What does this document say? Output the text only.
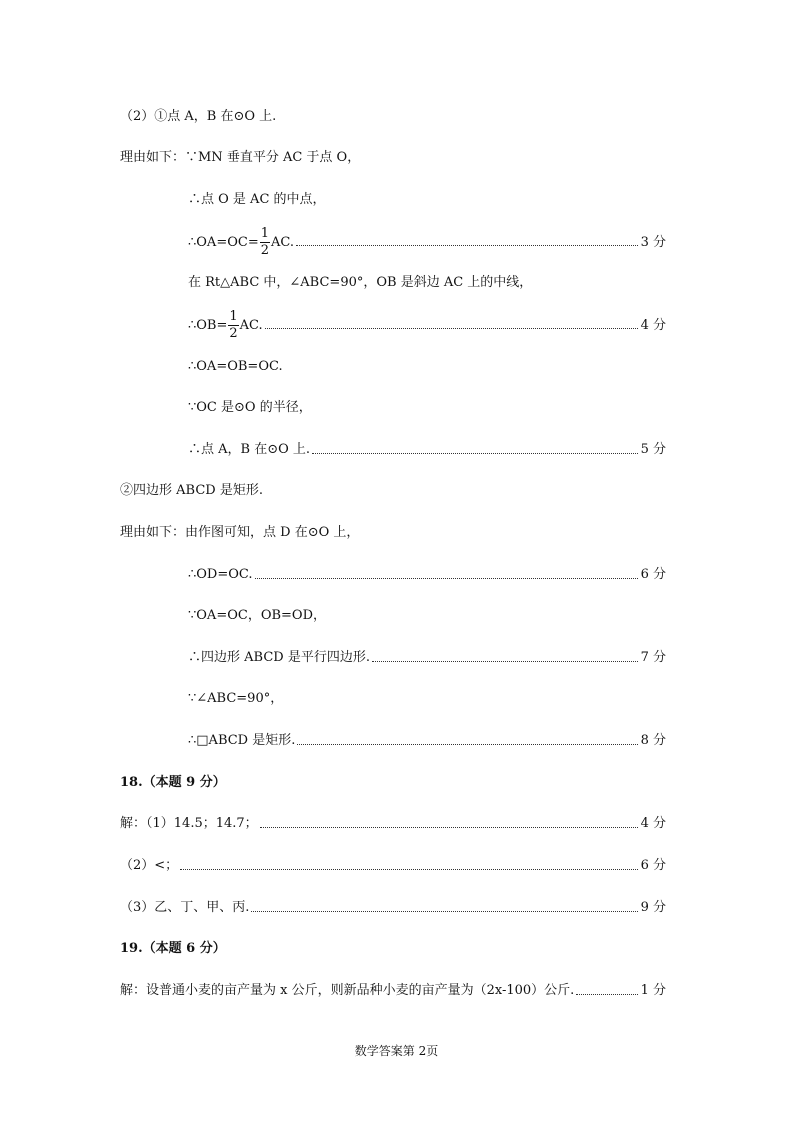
（2）①点 A，B 在⊙O 上.
理由如下：∵MN 垂直平分 AC 于点 O，
∴点 O 是 AC 的中点，
∴OA=OC= $\frac{1}{2}$ AC.	3 分
在 Rt△ABC 中，∠ABC=90°，OB 是斜边 AC 上的中线，
∴OB= $\frac{1}{2}$ AC.	4 分
∴OA=OB=OC.
∵OC 是⊙O 的半径，
∴点 A，B 在⊙O 上.	5 分
②四边形 ABCD 是矩形.
理由如下：由作图可知，点 D 在⊙O 上，
∴OD=OC.	6 分
∵OA=OC，OB=OD，
∴四边形 ABCD 是平行四边形.	7 分
∵∠ABC=90°，
∴□ABCD 是矩形.	8 分
18.（本题 9 分）
解：（1）14.5；14.7；	4 分
（2）<；	6 分
（3）乙、丁、甲、丙.	9 分
19.（本题 6 分）
解：设普通小麦的亩产量为 x 公斤，则新品种小麦的亩产量为（2x-100）公斤.	1 分
数学答案第 2页
